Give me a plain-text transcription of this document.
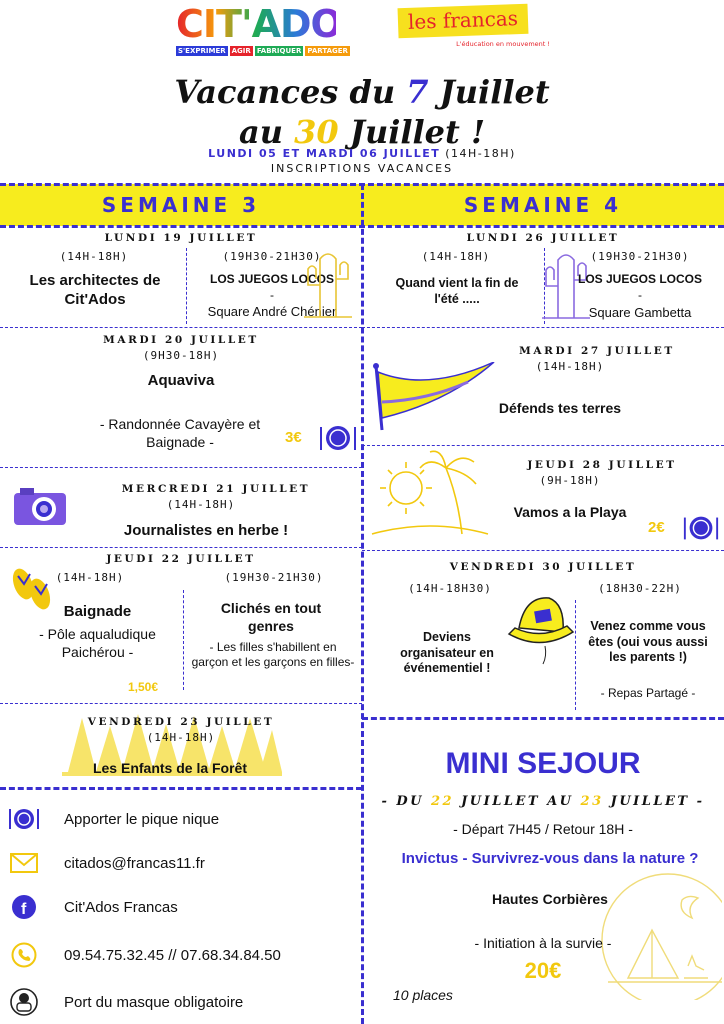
CIT'ADOS
S'EXPRIMER AGIR FABRIQUER PARTAGER
les francas
L'éducation en mouvement !
Vacances du 7 Juillet
au 30 Juillet !
LUNDI 05 ET MARDI 06 JUILLET (14H-18H)
INSCRIPTIONS VACANCES
SEMAINE 3	SEMAINE 4
LUNDI 19 JUILLET
(14H-18H)
Les architectes de Cit'Ados
(19H30-21H30)
LOS JUEGOS LOCOS
-
Square André Chénier
MARDI 20 JUILLET
(9H30-18H)
Aquaviva
- Randonnée Cavayère et Baignade -	3€
MERCREDI 21 JUILLET
(14H-18H)
Journalistes en herbe !
JEUDI 22 JUILLET
(14H-18H)
Baignade
- Pôle aqualudique Paichérou -
1,50€
(19H30-21H30)
Clichés en tout genres
- Les filles s'habillent en garçon et les garçons en filles-
VENDREDI 23 JUILLET
(14H-18H)
Les Enfants de la Forêt
Apporter le pique nique
citados@francas11.fr
f	Cit'Ados Francas
09.54.75.32.45 // 07.68.34.84.50
Port du masque obligatoire
LUNDI 26 JUILLET
(14H-18H)
Quand vient la fin de l'été .....
(19H30-21H30)
LOS JUEGOS LOCOS
-
Square Gambetta
MARDI 27 JUILLET
(14H-18H)
Défends tes terres
JEUDI 28 JUILLET
(9H-18H)
Vamos a la Playa
2€
VENDREDI 30 JUILLET
(14H-18H30)	(18H30-22H)
Deviens organisateur en événementiel !
Venez comme vous êtes (oui vous aussi les parents !)
- Repas Partagé -
MINI SEJOUR
- DU 22 JUILLET AU 23 JUILLET -
- Départ 7H45 / Retour 18H -
Invictus - Survivrez-vous dans la nature ?
Hautes Corbières
- Initiation à la survie -
20€
10 places
